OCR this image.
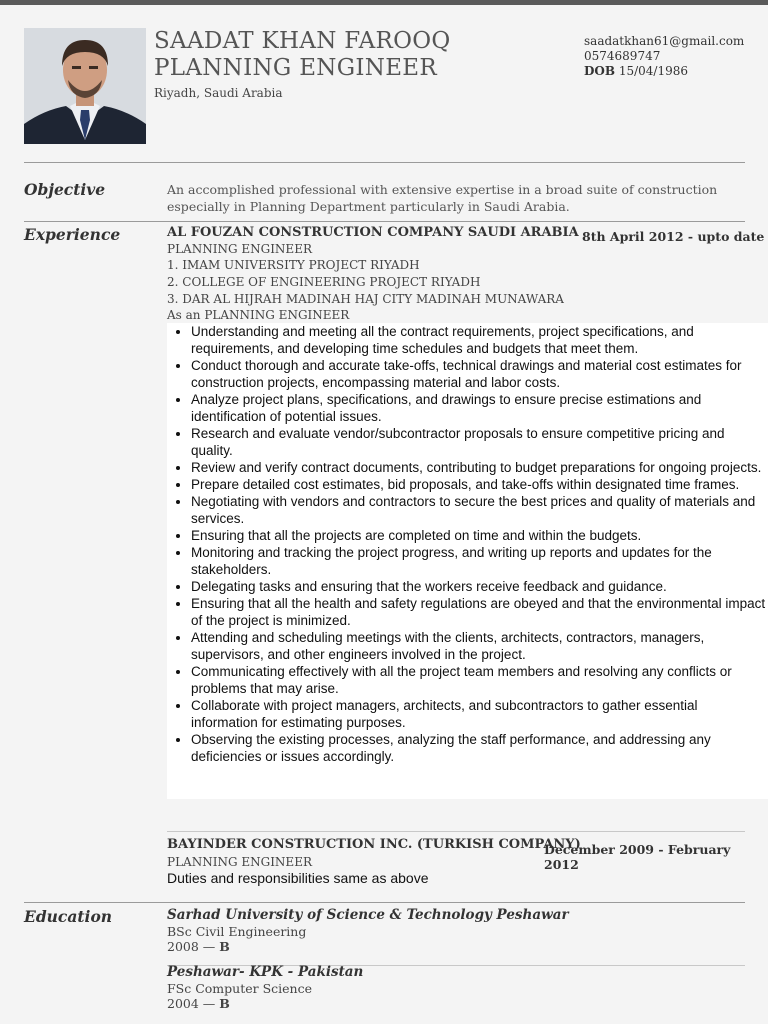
SAADAT KHAN FAROOQ
PLANNING ENGINEER
Riyadh, Saudi Arabia
saadatkhan61@gmail.com
0574689747
DOB 15/04/1986
Objective	An accomplished professional with extensive expertise in a broad suite of construction
especially in Planning Department particularly in Saudi Arabia.
Experience	AL FOUZAN CONSTRUCTION COMPANY SAUDI ARABIA 8th April 2012 - upto date
PLANNING ENGINEER
1. IMAM UNIVERSITY PROJECT RIYADH
2. COLLEGE OF ENGINEERING PROJECT RIYADH
3. DAR AL HIJRAH MADINAH HAJ CITY MADINAH MUNAWARA
As an PLANNING ENGINEER
• Understanding and meeting all the contract requirements, project specifications, and requirements, and developing time schedules and budgets that meet them.
• Conduct thorough and accurate take-offs, technical drawings and material cost estimates for construction projects, encompassing material and labor costs.
• Analyze project plans, specifications, and drawings to ensure precise estimations and identification of potential issues.
• Research and evaluate vendor/subcontractor proposals to ensure competitive pricing and quality.
• Review and verify contract documents, contributing to budget preparations for ongoing projects.
• Prepare detailed cost estimates, bid proposals, and take-offs within designated time frames.
• Negotiating with vendors and contractors to secure the best prices and quality of materials and services.
• Ensuring that all the projects are completed on time and within the budgets.
• Monitoring and tracking the project progress, and writing up reports and updates for the stakeholders.
• Delegating tasks and ensuring that the workers receive feedback and guidance.
• Ensuring that all the health and safety regulations are obeyed and that the environmental impact of the project is minimized.
• Attending and scheduling meetings with the clients, architects, contractors, managers, supervisors, and other engineers involved in the project.
• Communicating effectively with all the project team members and resolving any conflicts or problems that may arise.
• Collaborate with project managers, architects, and subcontractors to gather essential information for estimating purposes.
• Observing the existing processes, analyzing the staff performance, and addressing any deficiencies or issues accordingly.
BAYINDER CONSTRUCTION INC. (TURKISH COMPANY)
December 2009 - February 2012
PLANNING ENGINEER
Duties and responsibilities same as above
Education	Sarhad University of Science & Technology Peshawar
BSc Civil Engineering
2008 — B
Peshawar- KPK - Pakistan
FSc Computer Science
2004 — B
